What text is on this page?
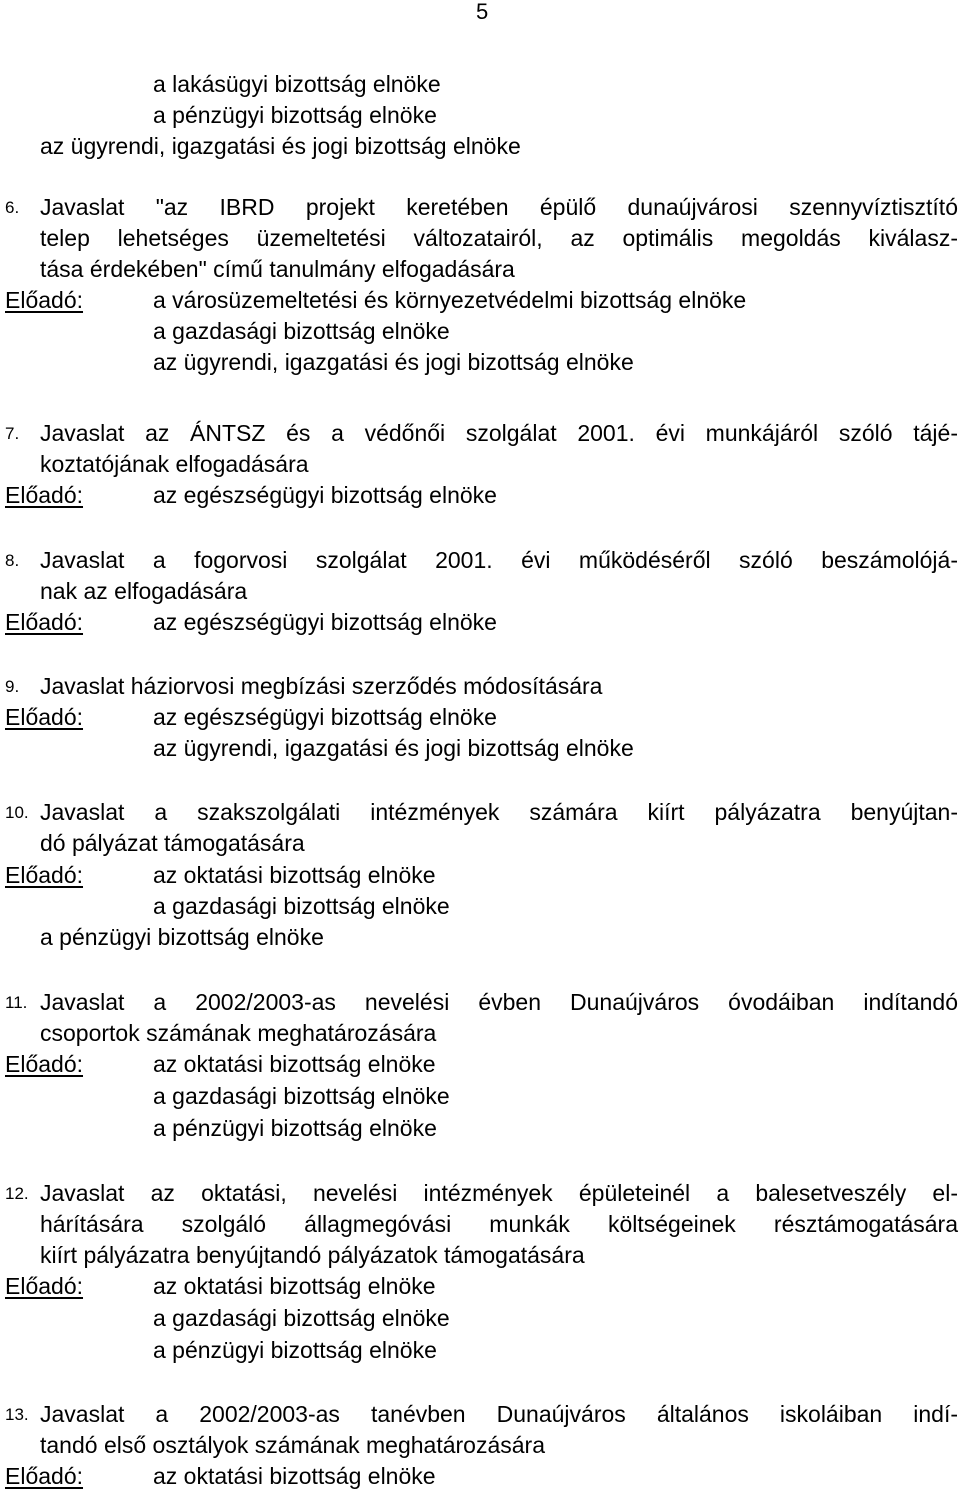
5
a lakásügyi bizottság elnöke
a pénzügyi bizottság elnöke
az ügyrendi, igazgatási és jogi bizottság elnöke
6. Javaslat "az IBRD projekt keretében épülő dunaújvárosi szennyvíztisztító
telep lehetséges üzemeltetési változatairól, az optimális megoldás kiválasz-
tása érdekében" című tanulmány elfogadására
Előadó:	a városüzemeltetési és környezetvédelmi bizottság elnöke
a gazdasági bizottság elnöke
az ügyrendi, igazgatási és jogi bizottság elnöke
7. Javaslat az ÁNTSZ és a védőnői szolgálat 2001. évi munkájáról szóló tájé-
koztatójának elfogadására
Előadó:	az egészségügyi bizottság elnöke
8. Javaslat a fogorvosi szolgálat 2001. évi működéséről szóló beszámolójá-
nak az elfogadására
Előadó:	az egészségügyi bizottság elnöke
9. Javaslat háziorvosi megbízási szerződés módosítására
Előadó:	az egészségügyi bizottság elnöke
az ügyrendi, igazgatási és jogi bizottság elnöke
10. Javaslat a szakszolgálati intézmények számára kiírt pályázatra benyújtan-
dó pályázat támogatására
Előadó:	az oktatási bizottság elnöke
a gazdasági bizottság elnöke
a pénzügyi bizottság elnöke
11. Javaslat a 2002/2003-as nevelési évben Dunaújváros óvodáiban indítandó
csoportok számának meghatározására
Előadó:	az oktatási bizottság elnöke
a gazdasági bizottság elnöke
a pénzügyi bizottság elnöke
12. Javaslat az oktatási, nevelési intézmények épületeinél a balesetveszély el-
hárítására szolgáló állagmegóvási munkák költségeinek résztámogatására
kiírt pályázatra benyújtandó pályázatok támogatására
Előadó:	az oktatási bizottság elnöke
a gazdasági bizottság elnöke
a pénzügyi bizottság elnöke
13. Javaslat a 2002/2003-as tanévben Dunaújváros általános iskoláiban indí-
tandó első osztályok számának meghatározására
Előadó:	az oktatási bizottság elnöke
